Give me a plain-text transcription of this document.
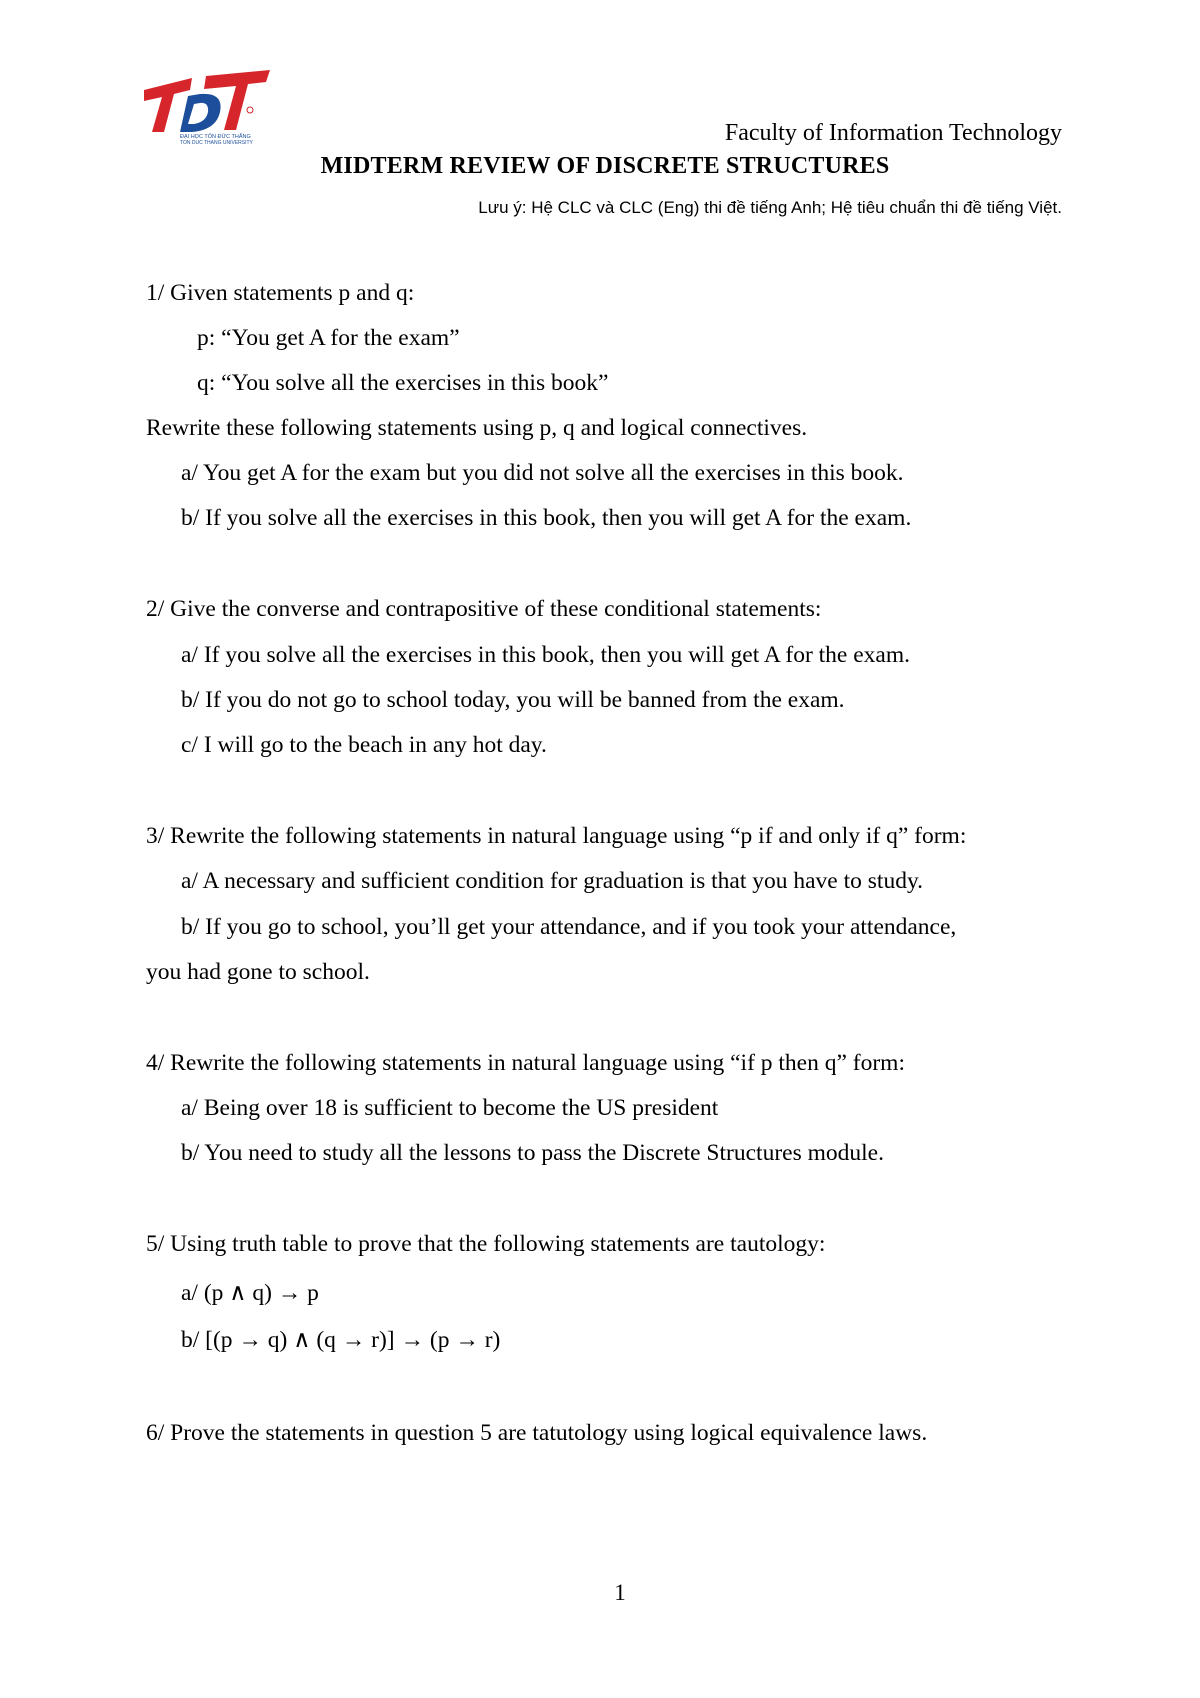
ĐẠI HỌC TÔN ĐỨC THẮNG
TON DUC THANG UNIVERSITY	Faculty of Information Technology
MIDTERM REVIEW OF DISCRETE STRUCTURES
Lưu ý: Hệ CLC và CLC (Eng) thi đề tiếng Anh; Hệ tiêu chuẩn thi đề tiếng Việt.
1/ Given statements p and q:
p: “You get A for the exam”
q: “You solve all the exercises in this book”
Rewrite these following statements using p, q and logical connectives.
a/ You get A for the exam but you did not solve all the exercises in this book.
b/ If you solve all the exercises in this book, then you will get A for the exam.
2/ Give the converse and contrapositive of these conditional statements:
a/ If you solve all the exercises in this book, then you will get A for the exam.
b/ If you do not go to school today, you will be banned from the exam.
c/ I will go to the beach in any hot day.
3/ Rewrite the following statements in natural language using “p if and only if q” form:
a/ A necessary and sufficient condition for graduation is that you have to study.
b/ If you go to school, you’ll get your attendance, and if you took your attendance,
you had gone to school.
4/ Rewrite the following statements in natural language using “if p then q” form:
a/ Being over 18 is sufficient to become the US president
b/ You need to study all the lessons to pass the Discrete Structures module.
5/ Using truth table to prove that the following statements are tautology:
a/ (p ∧ q) → p
b/ [(p → q) ∧ (q → r)] → (p → r)
6/ Prove the statements in question 5 are tatutology using logical equivalence laws.
1
